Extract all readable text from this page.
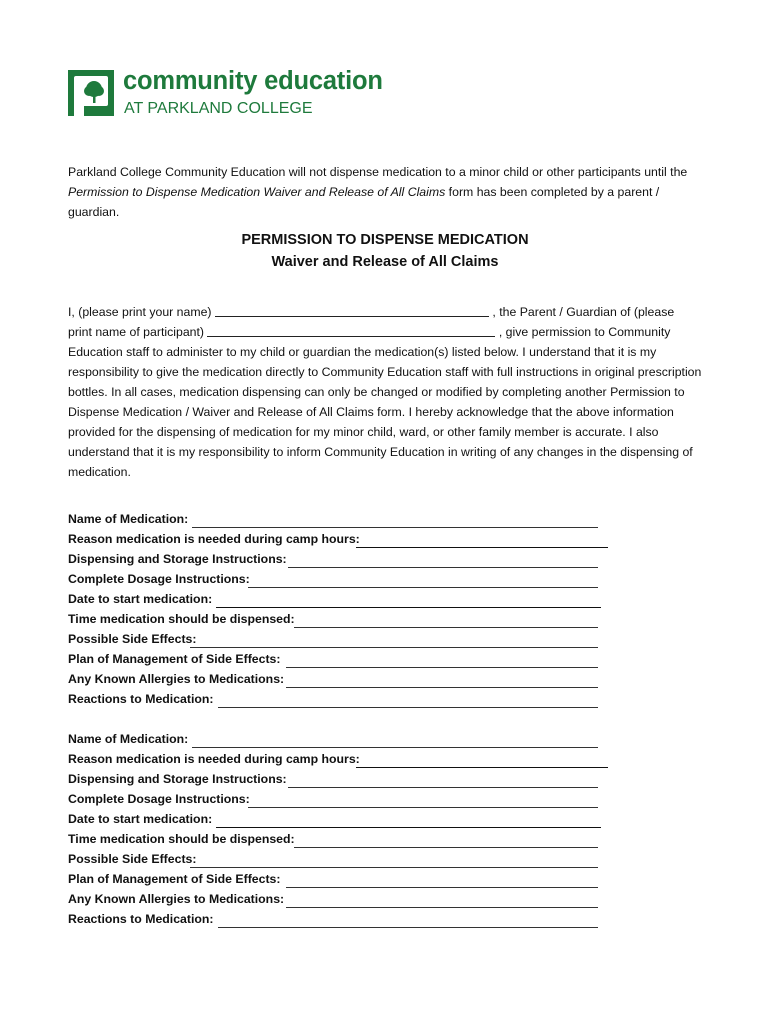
community education
AT PARKLAND COLLEGE
Parkland College Community Education will not dispense medication to a minor child or other participants until the Permission to Dispense Medication Waiver and Release of All Claims form has been completed by a parent / guardian.
PERMISSION TO DISPENSE MEDICATION
Waiver and Release of All Claims
I, (please print your name)	, the Parent / Guardian of (please
print name of participant)	, give permission to Community
Education staff to administer to my child or guardian the medication(s) listed below. I understand that it is my responsibility to give the medication directly to Community Education staff with full instructions in original prescription bottles. In all cases, medication dispensing can only be changed or modified by completing another Permission to Dispense Medication / Waiver and Release of All Claims form. I hereby acknowledge that the above information provided for the dispensing of medication for my minor child, ward, or other family member is accurate. I also understand that it is my responsibility to inform Community Education in writing of any changes in the dispensing of medication.
Name of Medication:
Reason medication is needed during camp hours:
Dispensing and Storage Instructions:
Complete Dosage Instructions:
Date to start medication:
Time medication should be dispensed:
Possible Side Effects:
Plan of Management of Side Effects:
Any Known Allergies to Medications:
Reactions to Medication:
Name of Medication:
Reason medication is needed during camp hours:
Dispensing and Storage Instructions:
Complete Dosage Instructions:
Date to start medication:
Time medication should be dispensed:
Possible Side Effects:
Plan of Management of Side Effects:
Any Known Allergies to Medications:
Reactions to Medication:
